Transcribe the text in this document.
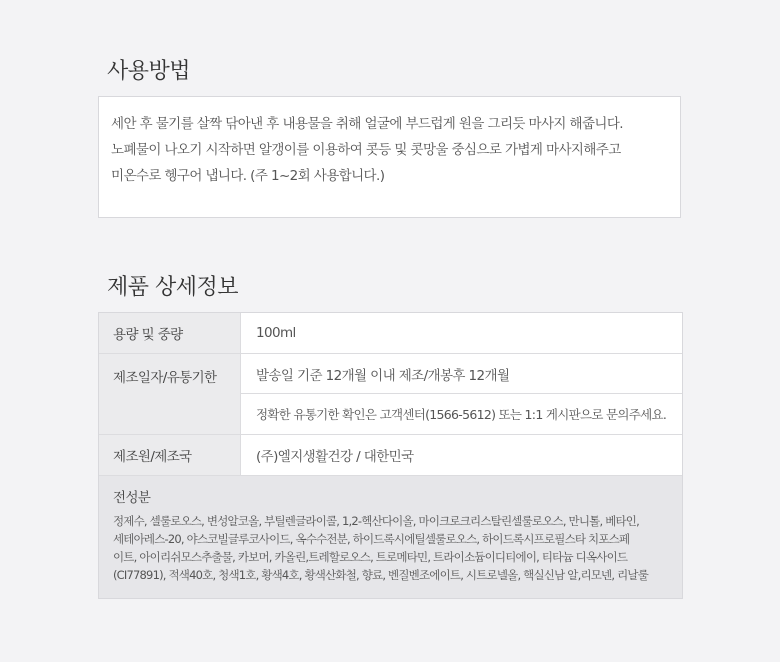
사용방법
세안 후 물기를 살짝 닦아낸 후 내용물을 취해 얼굴에 부드럽게 원을 그리듯 마사지 해줍니다.
노폐물이 나오기 시작하면 알갱이를 이용하여 콧등 및 콧망울 중심으로 가볍게 마사지해주고
미온수로 헹구어 냅니다. (주 1~2회 사용합니다.)
제품 상세정보
용량 및 중량	100ml
제조일자/유통기한	발송일 기준 12개월 이내 제조/개봉후 12개월
정확한 유통기한 확인은 고객센터(1566-5612) 또는 1:1 게시판으로 문의주세요.
제조원/제조국	(주)엘지생활건강 / 대한민국
전성분
정제수, 셀룰로오스, 변성알코올, 부틸렌글라이콜, 1,2-헥산다이올, 마이크로크리스탈린셀룰로오스, 만니톨, 베타인,
세테아레스-20, 야스코빌글루코사이드, 옥수수전분, 하이드록시에틸셀룰로오스, 하이드록시프로필스타 치포스페
이트, 아이리쉬모스추출물, 카보머, 카올린,트레할로오스, 트로메타민, 트라이소듐이디티에이, 티타늄 디옥사이드
(CI77891), 적색40호, 청색1호, 황색4호, 황색산화철, 향료, 벤질벤조에이트, 시트로넬올, 핵실신남 알,리모넨, 리날룰
